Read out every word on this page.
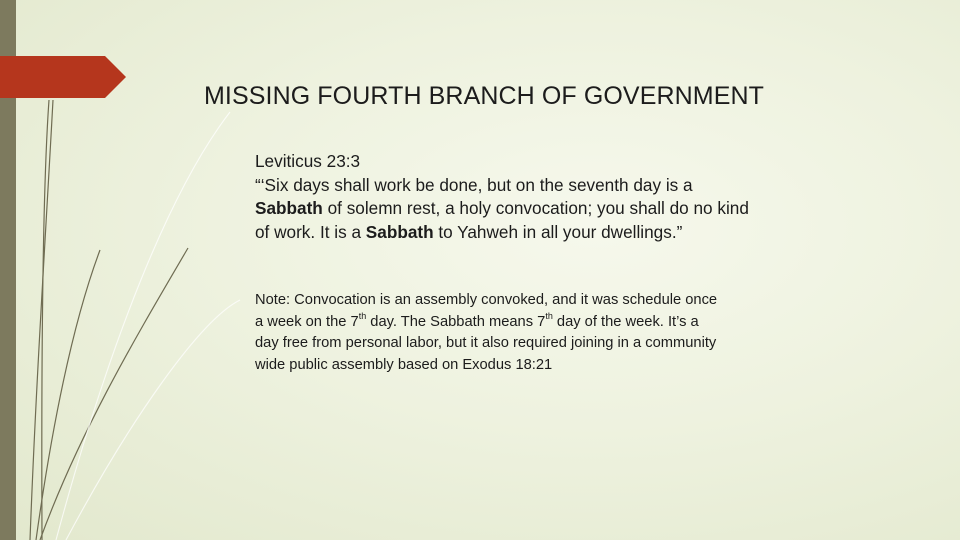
MISSING FOURTH BRANCH OF GOVERNMENT

Leviticus 23:3
“‘Six days shall work be done, but on the seventh day is a Sabbath of solemn rest, a holy convocation; you shall do no kind of work. It is a Sabbath to Yahweh in all your dwellings.”

Note: Convocation is an assembly convoked, and it was schedule once a week on the 7th day. The Sabbath means 7th day of the week. It’s a day free from personal labor, but it also required joining in a community wide public assembly based on Exodus 18:21
